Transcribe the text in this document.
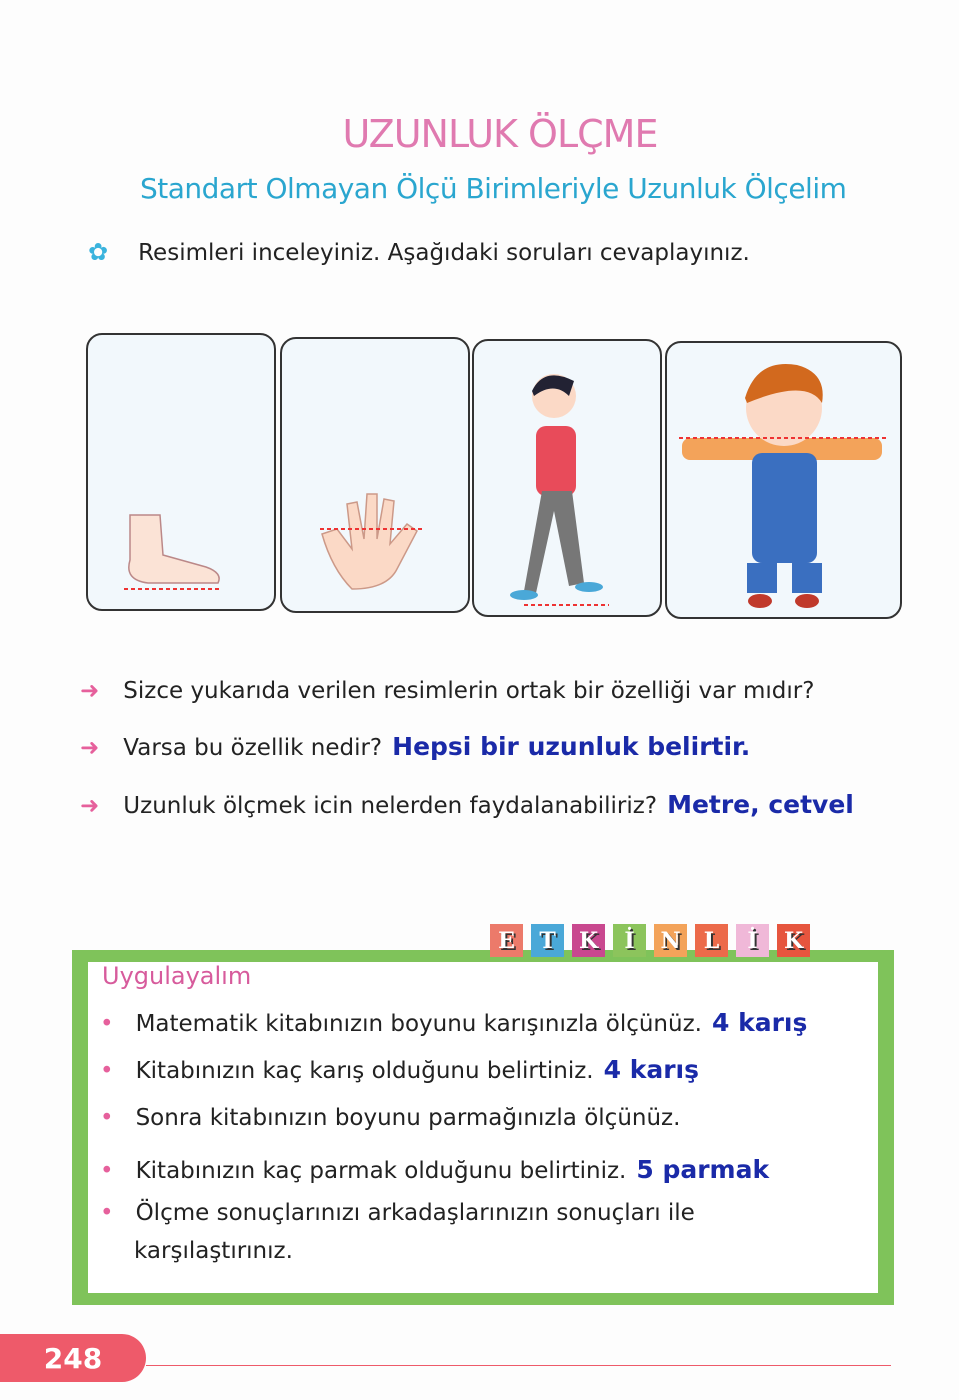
UZUNLUK ÖLÇME
Standart Olmayan Ölçü Birimleriyle Uzunluk Ölçelim
✿ Resimleri inceleyiniz. Aşağıdaki soruları cevaplayınız.
➜ Sizce yukarıda verilen resimlerin ortak bir özelliği var mıdır?
➜ Varsa bu özellik nedir? Hepsi bir uzunluk belirtir.
➜ Uzunluk ölçmek icin nelerden faydalanabiliriz? Metre, cetvel
E	T	K	İ	N	L	İ	K
Uygulayalım
• Matematik kitabınızın boyunu karışınızla ölçünüz. 4 karış
• Kitabınızın kaç karış olduğunu belirtiniz. 4 karış
• Sonra kitabınızın boyunu parmağınızla ölçünüz.
• Kitabınızın kaç parmak olduğunu belirtiniz. 5 parmak
• Ölçme sonuçlarınızı arkadaşlarınızın sonuçları ile
karşılaştırınız.
248
